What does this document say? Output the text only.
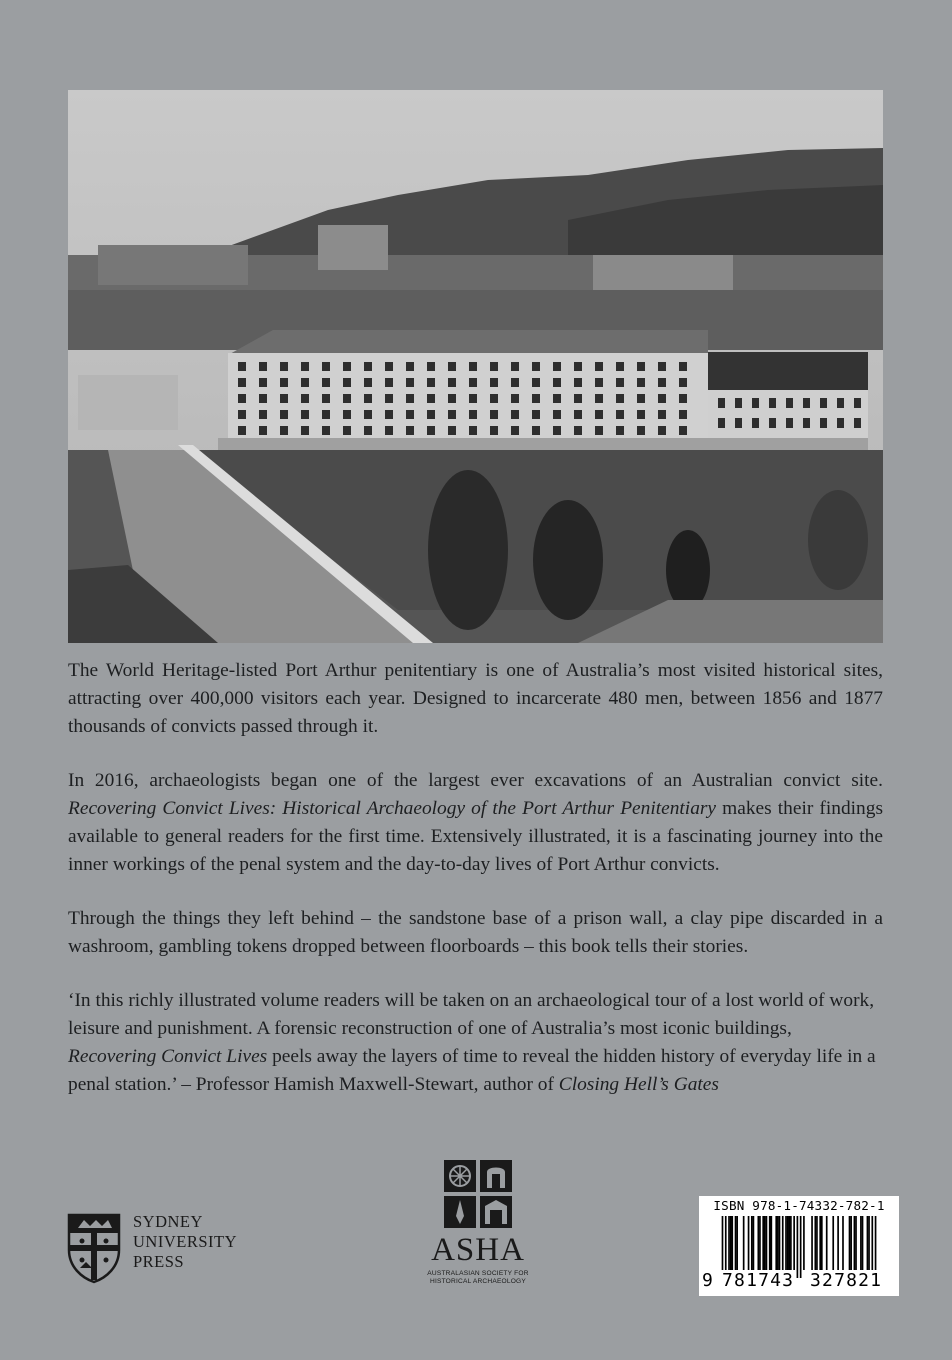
The World Heritage-listed Port Arthur penitentiary is one of Australia’s most visited historical sites, attracting over 400,000 visitors each year. Designed to incarcerate 480 men, between 1856 and 1877 thousands of convicts passed through it.

In 2016, archaeologists began one of the largest ever excavations of an Australian convict site. Recovering Convict Lives: Historical Archaeology of the Port Arthur Penitentiary makes their findings available to general readers for the first time. Extensively illustrated, it is a fascinating journey into the inner workings of the penal system and the day-to-day lives of Port Arthur convicts.

Through the things they left behind – the sandstone base of a prison wall, a clay pipe discarded in a washroom, gambling tokens dropped between floorboards – this book tells their stories.

‘In this richly illustrated volume readers will be taken on an archaeological tour of a lost world of work, leisure and punishment. A forensic reconstruction of one of Australia’s most iconic buildings, Recovering Convict Lives peels away the layers of time to reveal the hidden history of everyday life in a penal station.’ – Professor Hamish Maxwell-Stewart, author of Closing Hell’s Gates

SYDNEY
UNIVERSITY
PRESS	ASHA
AUSTRALASIAN SOCIETY FOR
HISTORICAL ARCHAEOLOGY
ISBN 978-1-74332-782-1
9 781743 327821
